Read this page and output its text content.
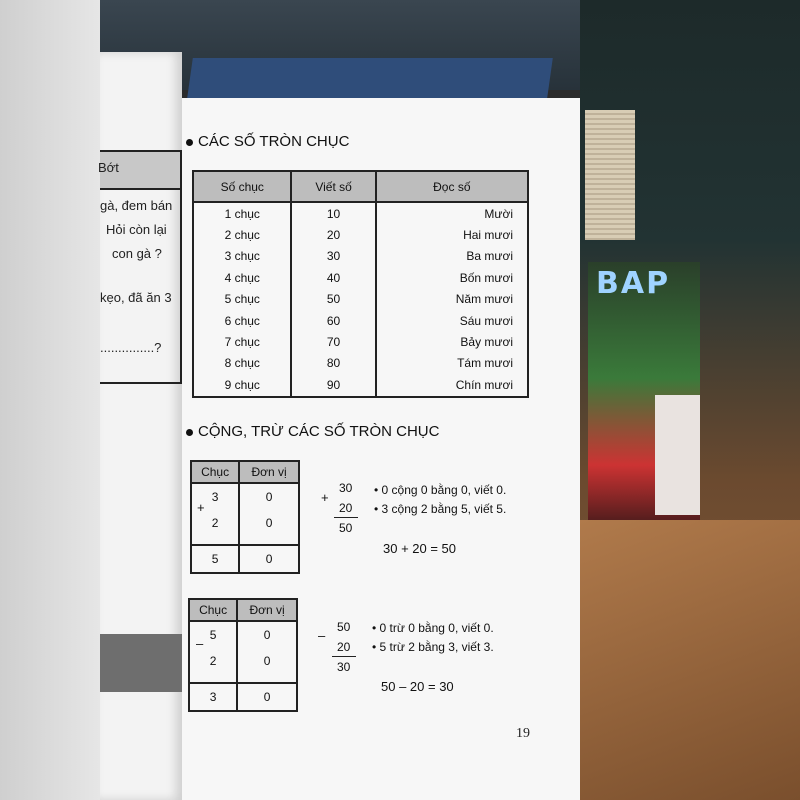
BAP
Bớt
gà, đem bán
Hỏi còn lại
con gà ?
kẹo, đã ăn 3
...............?
CÁC SỐ TRÒN CHỤC
Số chục	Viết số	Đọc số
1 chục	10	Mười
2 chục	20	Hai mươi
3 chục	30	Ba mươi
4 chục	40	Bốn mươi
5 chục	50	Năm mươi
6 chục	60	Sáu mươi
7 chục	70	Bảy mươi
8 chục	80	Tám mươi
9 chục	90	Chín mươi
CỘNG, TRỪ CÁC SỐ TRÒN CHỤC
Chục	Đơn vị
3	0
2	0

5	0
+
+
30
20
50
• 0 cộng 0 bằng 0, viết 0.
• 3 cộng 2 bằng 5, viết 5.
30 + 20 = 50
Chục	Đơn vị
5	0
2	0

3	0
–
–
50
20
30
• 0 trừ 0 bằng 0, viết 0.
• 5 trừ 2 bằng 3, viết 3.
50 – 20 = 30
19
